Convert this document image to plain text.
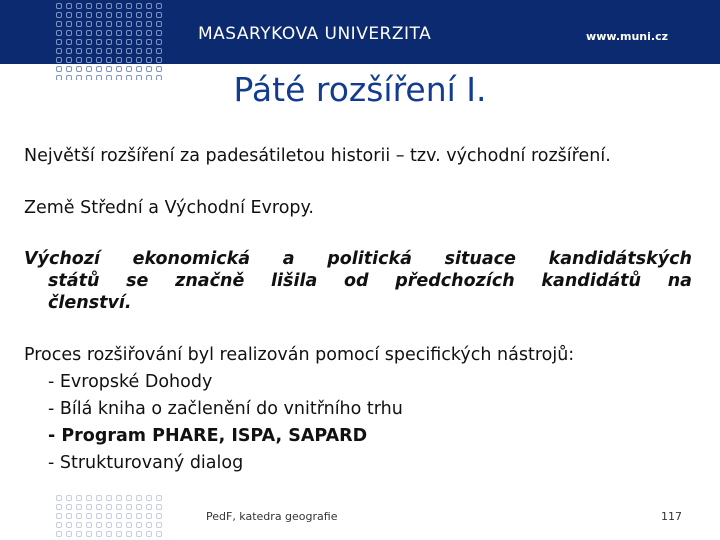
MASARYKOVA UNIVERZITA	www.muni.cz
Páté rozšíření I.
Největší rozšíření za padesátiletou historii – tzv. východní rozšíření.
Země Střední a Východní Evropy.
Výchozí ekonomická a politická situace kandidátských
států se značně lišila od předchozích kandidátů na
členství.
Proces rozšiřování byl realizován pomocí specifických nástrojů:
- Evropské Dohody
- Bílá kniha o začlenění do vnitřního trhu
- Program PHARE, ISPA, SAPARD
- Strukturovaný dialog
PedF, katedra geografie	117
